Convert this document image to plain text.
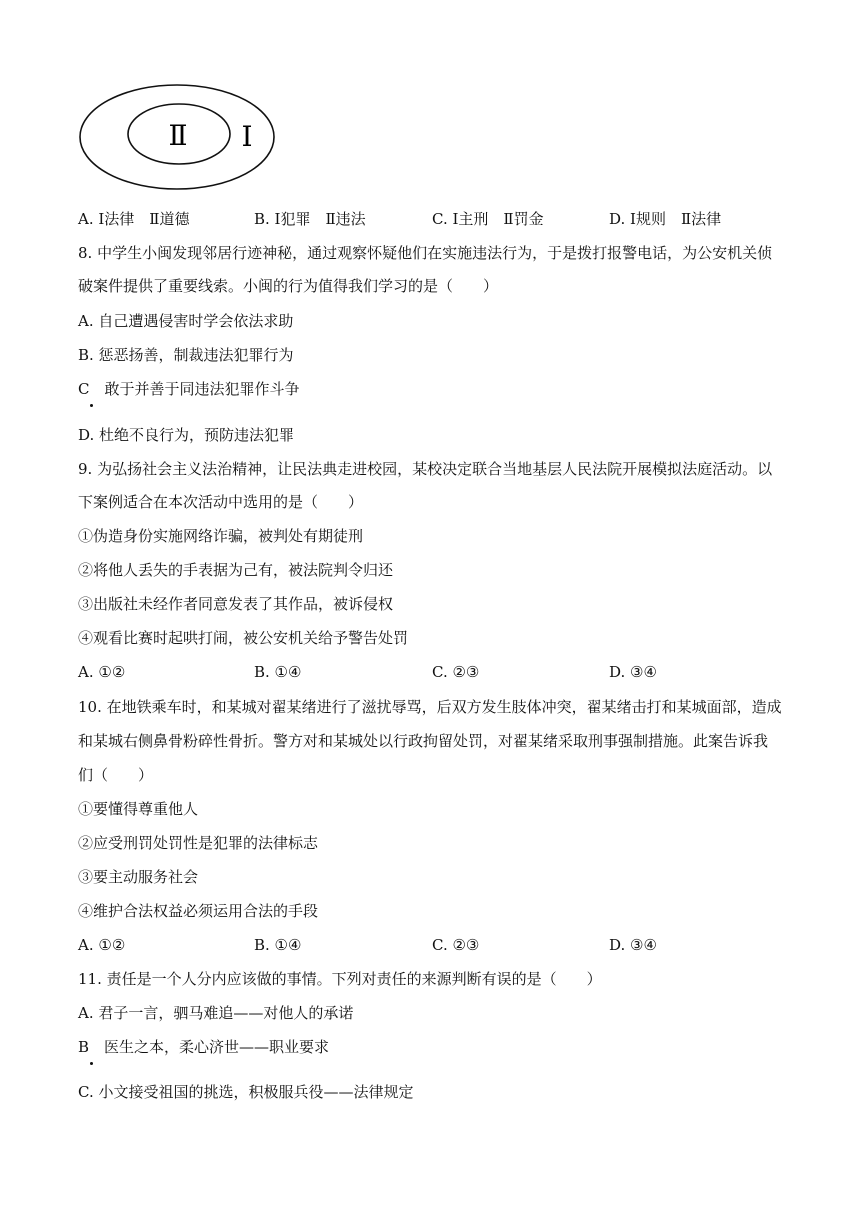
Ⅱ Ⅰ
A. Ⅰ法律　Ⅱ道德	B. Ⅰ犯罪　Ⅱ违法	C. Ⅰ主刑　Ⅱ罚金	D. Ⅰ规则　Ⅱ法律
8. 中学生小闽发现邻居行迹神秘，通过观察怀疑他们在实施违法行为，于是拨打报警电话，为公安机关侦
破案件提供了重要线索。小闽的行为值得我们学习的是（　　）
A. 自己遭遇侵害时学会依法求助
B. 惩恶扬善，制裁违法犯罪行为
C　敢于并善于同违法犯罪作斗争
D. 杜绝不良行为，预防违法犯罪
9. 为弘扬社会主义法治精神，让民法典走进校园，某校决定联合当地基层人民法院开展模拟法庭活动。以
下案例适合在本次活动中选用的是（　　）
①伪造身份实施网络诈骗，被判处有期徒刑
②将他人丢失的手表据为己有，被法院判令归还
③出版社未经作者同意发表了其作品，被诉侵权
④观看比赛时起哄打闹，被公安机关给予警告处罚
A. ①②	B. ①④	C. ②③	D. ③④
10. 在地铁乘车时，和某城对翟某绪进行了滋扰辱骂，后双方发生肢体冲突，翟某绪击打和某城面部，造成
和某城右侧鼻骨粉碎性骨折。警方对和某城处以行政拘留处罚，对翟某绪采取刑事强制措施。此案告诉我
们（　　）
①要懂得尊重他人
②应受刑罚处罚性是犯罪的法律标志
③要主动服务社会
④维护合法权益必须运用合法的手段
A. ①②	B. ①④	C. ②③	D. ③④
11. 责任是一个人分内应该做的事情。下列对责任的来源判断有误的是（　　）
A. 君子一言，驷马难追——对他人的承诺
B　医生之本，柔心济世——职业要求
C. 小文接受祖国的挑选，积极服兵役——法律规定
